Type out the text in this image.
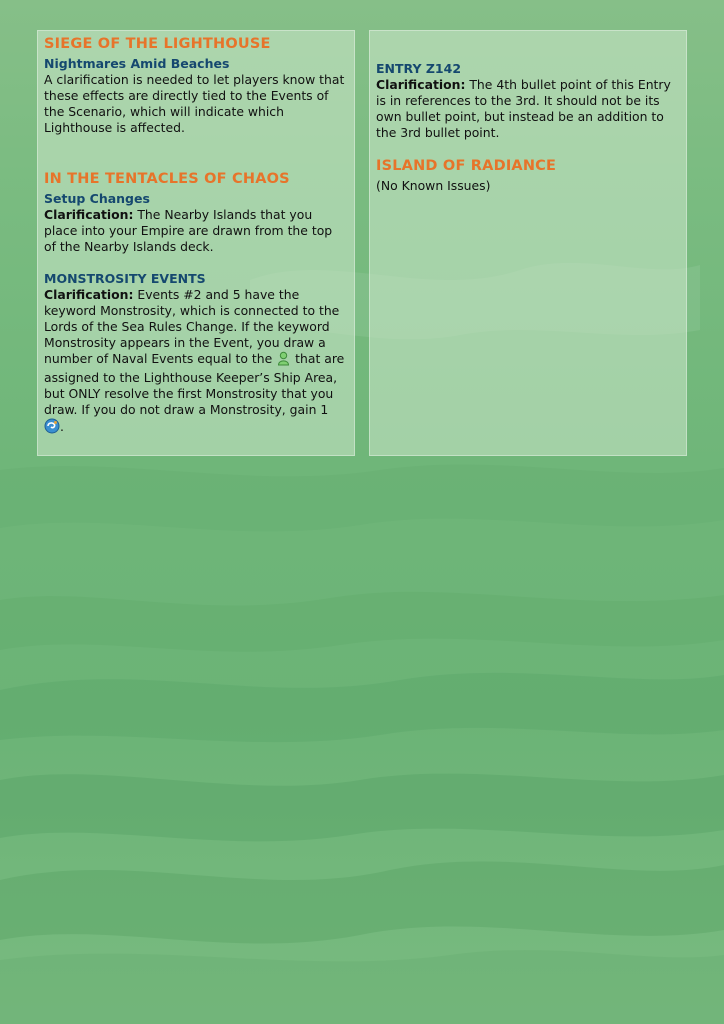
SIEGE OF THE LIGHTHOUSE
Nightmares Amid Beaches

A clarification is needed to let players know that these effects are directly tied to the Events of the Scenario, which will indicate which Lighthouse is affected.

IN THE TENTACLES OF CHAOS
Setup Changes

Clarification: The Nearby Islands that you place into your Empire are drawn from the top of the Nearby Islands deck.

MONSTROSITY EVENTS

Clarification: Events #2 and 5 have the keyword Monstrosity, which is connected to the Lords of the Sea Rules Change. If the keyword Monstrosity appears in the Event, you draw a number of Naval Events equal to the  that are assigned to the Lighthouse Keeper’s Ship Area, but ONLY resolve the first Monstrosity that you draw. If you do not draw a Monstrosity, gain 1 .

ENTRY Z142

Clarification: The 4th bullet point of this Entry is in references to the 3rd. It should not be its own bullet point, but instead be an addition to the 3rd bullet point.

ISLAND OF RADIANCE

(No Known Issues)
